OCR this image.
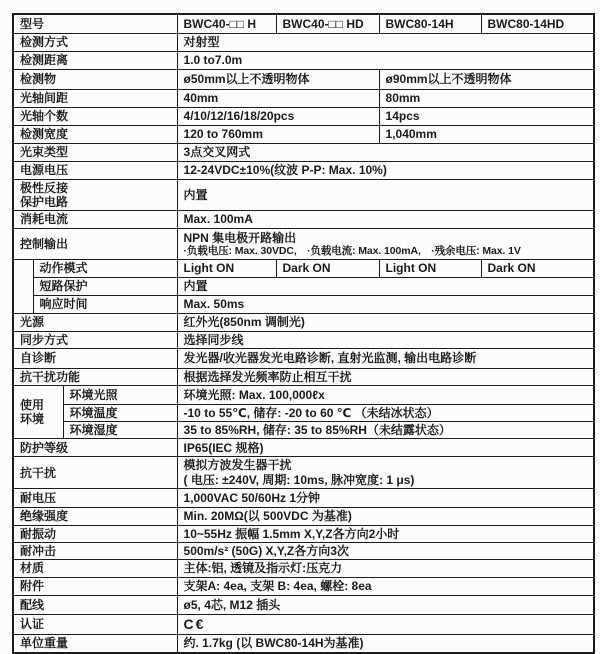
型号			BWC40-□□ H	BWC40-□□ HD	BWC80-14H	BWC80-14HD
检测方式			对射型			
检测距离			1.0 to7.0m			
检测物			ø50mm以上不透明物体		ø90mm以上不透明物体	
光轴间距			40mm		80mm	
光轴个数			4/10/12/16/18/20pcs		14pcs	
检测宽度			120 to 760mm		1,040mm	
光束类型			3点交叉网式			
电源电压			12-24VDC±10%(纹波 P-P: Max. 10%)			

极性反接
保护电路			内置			
消耗电流			Max. 100mA			
控制输出			NPN 集电极开路输出
·负载电压: Max. 30VDC,　·负载电流: Max. 100mA,　·残余电压: Max. 1V			

	动作模式		Light ON	Dark ON	Light ON	Dark ON
	短路保护		内置			
	响应时间		Max. 50ms			
光源			红外光(850nm 调制光)			
同步方式			选择同步线			
自诊断			发光器/收光器发光电路诊断, 直射光监测, 输出电路诊断			
抗干扰功能			根据选择发光频率防止相互干扰			

使用
环境		环境光照	环境光照: Max. 100,000ℓx			
		环境温度	-10 to 55℃, 储存: -20 to 60 ℃ （未结冰状态）			
		环境湿度	35 to 85%RH, 储存: 35 to 85%RH（未结露状态）			
防护等级			IP65(IEC 规格)			
抗干扰			模拟方波发生器干扰
( 电压: ±240V, 周期: 10ms, 脉冲宽度: 1 μs)			

耐电压			1,000VAC 50/60Hz 1分钟			
绝缘强度			Min. 20MΩ(以 500VDC 为基准)			
耐振动			10~55Hz 振幅 1.5mm X,Y,Z各方向2小时			
耐冲击			500m/s² (50G) X,Y,Z各方向3次			
材质			主体:铝, 透镜及指示灯:压克力			
附件			支架A: 4ea, 支架 B: 4ea, 螺栓: 8ea			
配线			ø5, 4芯, M12 插头			
认证			C€			
单位重量			约. 1.7kg (以 BWC80-14H为基准)			
